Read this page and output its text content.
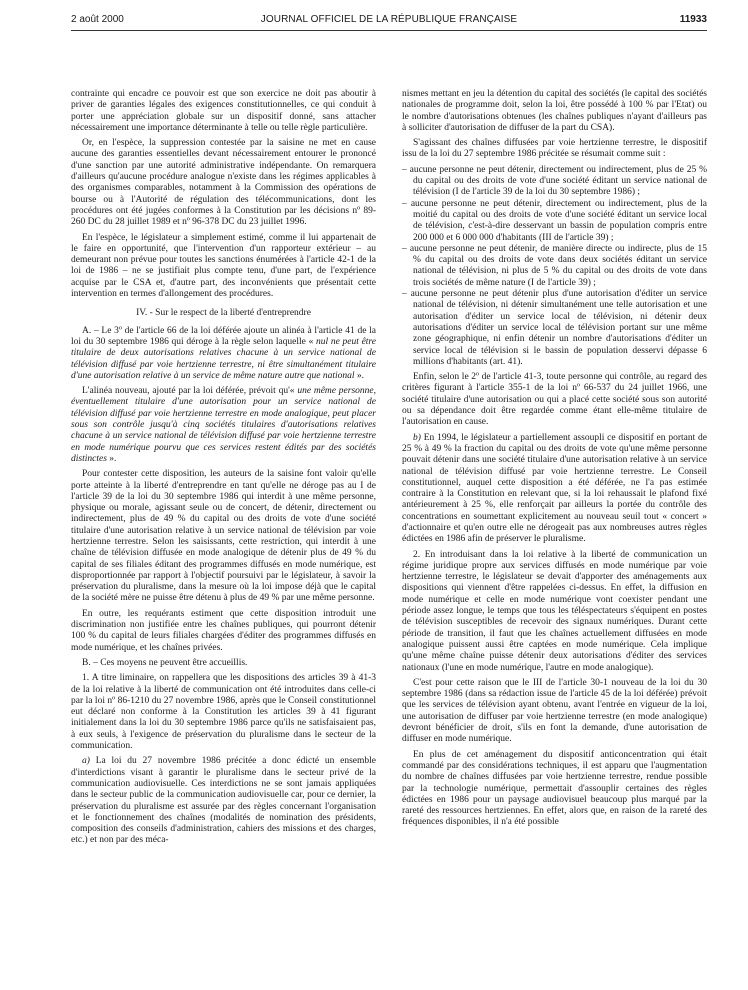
2 août 2000	JOURNAL OFFICIEL DE LA RÉPUBLIQUE FRANÇAISE	11933

contrainte qui encadre ce pouvoir est que son exercice ne doit pas aboutir à priver de garanties légales des exigences constitutionnelles, ce qui conduit à porter une appréciation globale sur un dispositif donné, sans attacher nécessairement une importance déterminante à telle ou telle règle particulière.

Or, en l'espèce, la suppression contestée par la saisine ne met en cause aucune des garanties essentielles devant nécessairement entourer le prononcé d'une sanction par une autorité administrative indépendante. On remarquera d'ailleurs qu'aucune procédure analogue n'existe dans les régimes applicables à des organismes comparables, notamment à la Commission des opérations de bourse ou à l'Autorité de régulation des télécommunications, dont les procédures ont été jugées conformes à la Constitution par les décisions nº 89-260 DC du 28 juillet 1989 et nº 96-378 DC du 23 juillet 1996.

En l'espèce, le législateur a simplement estimé, comme il lui appartenait de le faire en opportunité, que l'intervention d'un rapporteur extérieur – au demeurant non prévue pour toutes les sanctions énumérées à l'article 42-1 de la loi de 1986 – ne se justifiait plus compte tenu, d'une part, de l'expérience acquise par le CSA et, d'autre part, des inconvénients que présentait cette intervention en termes d'allongement des procédures.

IV. - Sur le respect de la liberté d'entreprendre

A. – Le 3º de l'article 66 de la loi déférée ajoute un alinéa à l'article 41 de la loi du 30 septembre 1986 qui déroge à la règle selon laquelle « nul ne peut être titulaire de deux autorisations relatives chacune à un service national de télévision diffusé par voie hertzienne terrestre, ni être simultanément titulaire d'une autorisation relative à un service de même nature autre que national ».

L'alinéa nouveau, ajouté par la loi déférée, prévoit qu'« une même personne, éventuellement titulaire d'une autorisation pour un service national de télévision diffusé par voie hertzienne terrestre en mode analogique, peut placer sous son contrôle jusqu'à cinq sociétés titulaires d'autorisations relatives chacune à un service national de télévision diffusé par voie hertzienne terrestre en mode numérique pourvu que ces services restent édités par des sociétés distinctes ».

Pour contester cette disposition, les auteurs de la saisine font valoir qu'elle porte atteinte à la liberté d'entreprendre en tant qu'elle ne déroge pas au I de l'article 39 de la loi du 30 septembre 1986 qui interdit à une même personne, physique ou morale, agissant seule ou de concert, de détenir, directement ou indirectement, plus de 49 % du capital ou des droits de vote d'une société titulaire d'une autorisation relative à un service national de télévision par voie hertzienne terrestre. Selon les saisissants, cette restriction, qui interdit à une chaîne de télévision diffusée en mode analogique de détenir plus de 49 % du capital de ses filiales éditant des programmes diffusés en mode numérique, est disproportionnée par rapport à l'objectif poursuivi par le législateur, à savoir la préservation du pluralisme, dans la mesure où la loi impose déjà que le capital de la société mère ne puisse être détenu à plus de 49 % par une même personne.

En outre, les requérants estiment que cette disposition introduit une discrimination non justifiée entre les chaînes publiques, qui pourront détenir 100 % du capital de leurs filiales chargées d'éditer des programmes diffusés en mode numérique, et les chaînes privées.

B. – Ces moyens ne peuvent être accueillis.

1. A titre liminaire, on rappellera que les dispositions des articles 39 à 41-3 de la loi relative à la liberté de communication ont été introduites dans celle-ci par la loi nº 86-1210 du 27 novembre 1986, après que le Conseil constitutionnel eut déclaré non conforme à la Constitution les articles 39 à 41 figurant initialement dans la loi du 30 septembre 1986 parce qu'ils ne satisfaisaient pas, à eux seuls, à l'exigence de préservation du pluralisme dans le secteur de la communication.

a) La loi du 27 novembre 1986 précitée a donc édicté un ensemble d'interdictions visant à garantir le pluralisme dans le secteur privé de la communication audiovisuelle. Ces interdictions ne se sont jamais appliquées dans le secteur public de la communication audiovisuelle car, pour ce dernier, la préservation du pluralisme est assurée par des règles concernant l'organisation et le fonctionnement des chaînes (modalités de nomination des présidents, composition des conseils d'administration, cahiers des missions et des charges, etc.) et non par des méca-

nismes mettant en jeu la détention du capital des sociétés (le capital des sociétés nationales de programme doit, selon la loi, être possédé à 100 % par l'Etat) ou le nombre d'autorisations obtenues (les chaînes publiques n'ayant d'ailleurs pas à solliciter d'autorisation de diffuser de la part du CSA).

S'agissant des chaînes diffusées par voie hertzienne terrestre, le dispositif issu de la loi du 27 septembre 1986 précitée se résumait comme suit :

– aucune personne ne peut détenir, directement ou indirectement, plus de 25 % du capital ou des droits de vote d'une société éditant un service national de télévision (I de l'article 39 de la loi du 30 septembre 1986) ;
– aucune personne ne peut détenir, directement ou indirectement, plus de la moitié du capital ou des droits de vote d'une société éditant un service local de télévision, c'est-à-dire desservant un bassin de population compris entre 200 000 et 6 000 000 d'habitants (III de l'article 39) ;
– aucune personne ne peut détenir, de manière directe ou indirecte, plus de 15 % du capital ou des droits de vote dans deux sociétés éditant un service national de télévision, ni plus de 5 % du capital ou des droits de vote dans trois sociétés de même nature (I de l'article 39) ;
– aucune personne ne peut détenir plus d'une autorisation d'éditer un service national de télévision, ni détenir simultanément une telle autorisation et une autorisation d'éditer un service local de télévision, ni détenir deux autorisations d'éditer un service local de télévision portant sur une même zone géographique, ni enfin détenir un nombre d'autorisations d'éditer un service local de télévision si le bassin de population desservi dépasse 6 millions d'habitants (art. 41).

Enfin, selon le 2º de l'article 41-3, toute personne qui contrôle, au regard des critères figurant à l'article 355-1 de la loi nº 66-537 du 24 juillet 1966, une société titulaire d'une autorisation ou qui a placé cette société sous son autorité ou sa dépendance doit être regardée comme étant elle-même titulaire de l'autorisation en cause.

b) En 1994, le législateur a partiellement assoupli ce dispositif en portant de 25 % à 49 % la fraction du capital ou des droits de vote qu'une même personne pouvait détenir dans une société titulaire d'une autorisation relative à un service national de télévision diffusé par voie hertzienne terrestre. Le Conseil constitutionnel, auquel cette disposition a été déférée, ne l'a pas estimée contraire à la Constitution en relevant que, si la loi rehaussait le plafond fixé antérieurement à 25 %, elle renforçait par ailleurs la portée du contrôle des concentrations en soumettant explicitement au nouveau seuil tout « concert » d'actionnaire et qu'en outre elle ne dérogeait pas aux nombreuses autres règles édictées en 1986 afin de préserver le pluralisme.

2. En introduisant dans la loi relative à la liberté de communication un régime juridique propre aux services diffusés en mode numérique par voie hertzienne terrestre, le législateur se devait d'apporter des aménagements aux dispositions qui viennent d'être rappelées ci-dessus. En effet, la diffusion en mode numérique et celle en mode numérique vont coexister pendant une période assez longue, le temps que tous les téléspectateurs s'équipent en postes de télévision susceptibles de recevoir des signaux numériques. Durant cette période de transition, il faut que les chaînes actuellement diffusées en mode analogique puissent aussi être captées en mode numérique. Cela implique qu'une même chaîne puisse détenir deux autorisations d'éditer des services nationaux (l'une en mode numérique, l'autre en mode analogique).

C'est pour cette raison que le III de l'article 30-1 nouveau de la loi du 30 septembre 1986 (dans sa rédaction issue de l'article 45 de la loi déférée) prévoit que les services de télévision ayant obtenu, avant l'entrée en vigueur de la loi, une autorisation de diffuser par voie hertzienne terrestre (en mode analogique) devront bénéficier de droit, s'ils en font la demande, d'une autorisation de diffuser en mode numérique.

En plus de cet aménagement du dispositif anticoncentration qui était commandé par des considérations techniques, il est apparu que l'augmentation du nombre de chaînes diffusées par voie hertzienne terrestre, rendue possible par la technologie numérique, permettait d'assouplir certaines des règles édictées en 1986 pour un paysage audiovisuel beaucoup plus marqué par la rareté des ressources hertziennes. En effet, alors que, en raison de la rareté des fréquences disponibles, il n'a été possible
